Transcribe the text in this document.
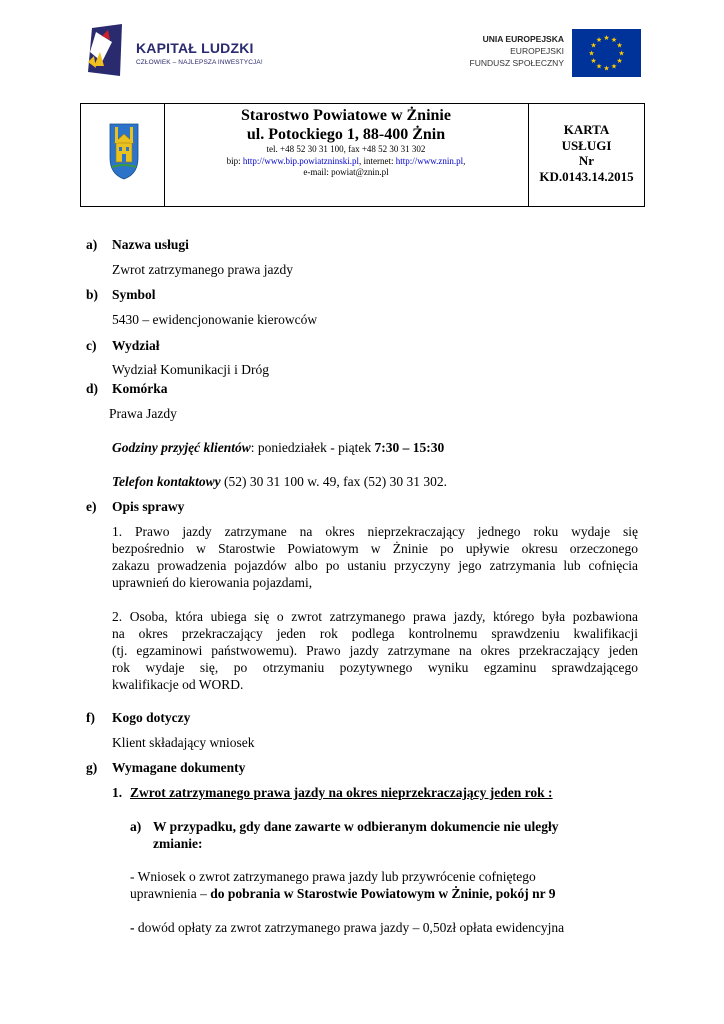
KAPITAŁ LUDZKI
CZŁOWIEK – NAJLEPSZA INWESTYCJA!
UNIA EUROPEJSKA
EUROPEJSKI
FUNDUSZ SPOŁECZNY
★ ★
★
★
★
★
★
★
★
★
★
★
Starostwo Powiatowe w Żninie
ul. Potockiego 1, 88-400 Żnin
tel. +48 52 30 31 100, fax +48 52 30 31 302
bip: http://www.bip.powiatzninski.pl, internet: http://www.znin.pl,
e-mail: powiat@znin.pl
KARTA
USŁUGI
Nr
KD.0143.14.2015
a) Nazwa usługi
Zwrot zatrzymanego prawa jazdy
b) Symbol
5430 – ewidencjonowanie kierowców
c) Wydział
Wydział Komunikacji i Dróg
d) Komórka
Prawa Jazdy
Godziny przyjęć klientów: poniedziałek - piątek 7:30 – 15:30
Telefon kontaktowy (52) 30 31 100 w. 49, fax (52) 30 31 302.
e) Opis sprawy
1. Prawo jazdy zatrzymane na okres nieprzekraczający jednego roku wydaje się
bezpośrednio w Starostwie Powiatowym w Żninie po upływie okresu orzeczonego
zakazu prowadzenia pojazdów albo po ustaniu przyczyny jego zatrzymania lub cofnięcia
uprawnień do kierowania pojazdami,
2. Osoba, która ubiega się o zwrot zatrzymanego prawa jazdy, którego była pozbawiona
na okres przekraczający jeden rok podlega kontrolnemu sprawdzeniu kwalifikacji
(tj. egzaminowi państwowemu). Prawo jazdy zatrzymane na okres przekraczający jeden
rok wydaje się, po otrzymaniu pozytywnego wyniku egzaminu sprawdzającego
kwalifikacje od WORD.
f) Kogo dotyczy
Klient składający wniosek
g) Wymagane dokumenty
1. Zwrot zatrzymanego prawa jazdy na okres nieprzekraczający jeden rok :
a) W przypadku, gdy dane zawarte w odbieranym dokumencie nie uległy
zmianie:
- Wniosek o zwrot zatrzymanego prawa jazdy lub przywrócenie cofniętego
uprawnienia – do pobrania w Starostwie Powiatowym w Żninie, pokój nr 9
- dowód opłaty za zwrot zatrzymanego prawa jazdy – 0,50zł opłata ewidencyjna
